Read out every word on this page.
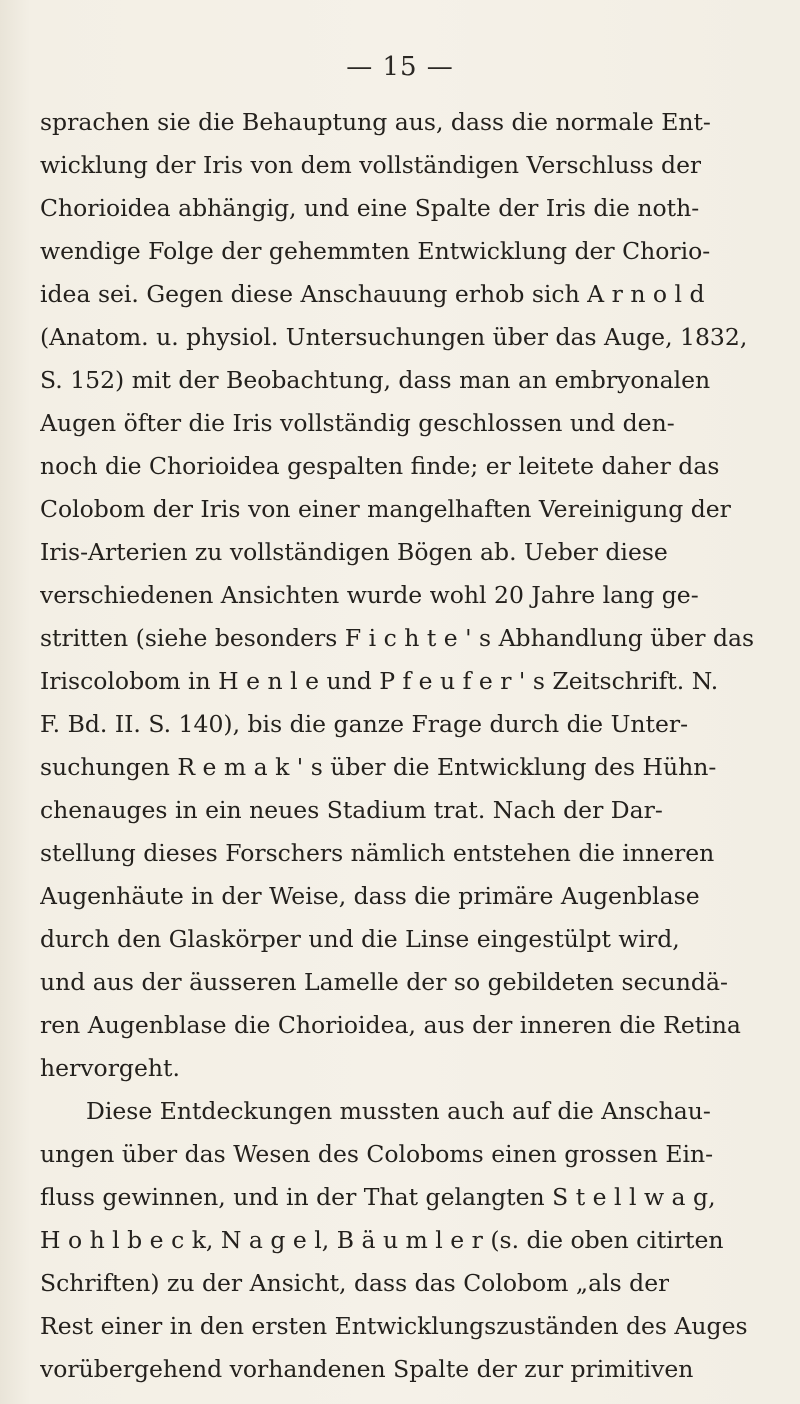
— 15 —
sprachen sie die Behauptung aus, dass die normale Ent-
wicklung der Iris von dem vollständigen Verschluss der
Chorioidea abhängig, und eine Spalte der Iris die noth-
wendige Folge der gehemmten Entwicklung der Chorio-
idea sei. Gegen diese Anschauung erhob sich A r n o l d
(Anatom. u. physiol. Untersuchungen über das Auge, 1832,
S. 152) mit der Beobachtung, dass man an embryonalen
Augen öfter die Iris vollständig geschlossen und den-
noch die Chorioidea gespalten finde; er leitete daher das
Colobom der Iris von einer mangelhaften Vereinigung der
Iris-Arterien zu vollständigen Bögen ab. Ueber diese
verschiedenen Ansichten wurde wohl 20 Jahre lang ge-
stritten (siehe besonders F i c h t e ' s Abhandlung über das
Iriscolobom in H e n l e und P f e u f e r ' s Zeitschrift. N.
F. Bd. II. S. 140), bis die ganze Frage durch die Unter-
suchungen R e m a k ' s über die Entwicklung des Hühn-
chenauges in ein neues Stadium trat. Nach der Dar-
stellung dieses Forschers nämlich entstehen die inneren
Augenhäute in der Weise, dass die primäre Augenblase
durch den Glaskörper und die Linse eingestülpt wird,
und aus der äusseren Lamelle der so gebildeten secundä-
ren Augenblase die Chorioidea, aus der inneren die Retina
hervorgeht.
Diese Entdeckungen mussten auch auf die Anschau-
ungen über das Wesen des Coloboms einen grossen Ein-
fluss gewinnen, und in der That gelangten S t e l l w a g,
H o h l b e c k, N a g e l, B ä u m l e r (s. die oben citirten
Schriften) zu der Ansicht, dass das Colobom „als der
Rest einer in den ersten Entwicklungszuständen des Auges
vorübergehend vorhandenen Spalte der zur primitiven
